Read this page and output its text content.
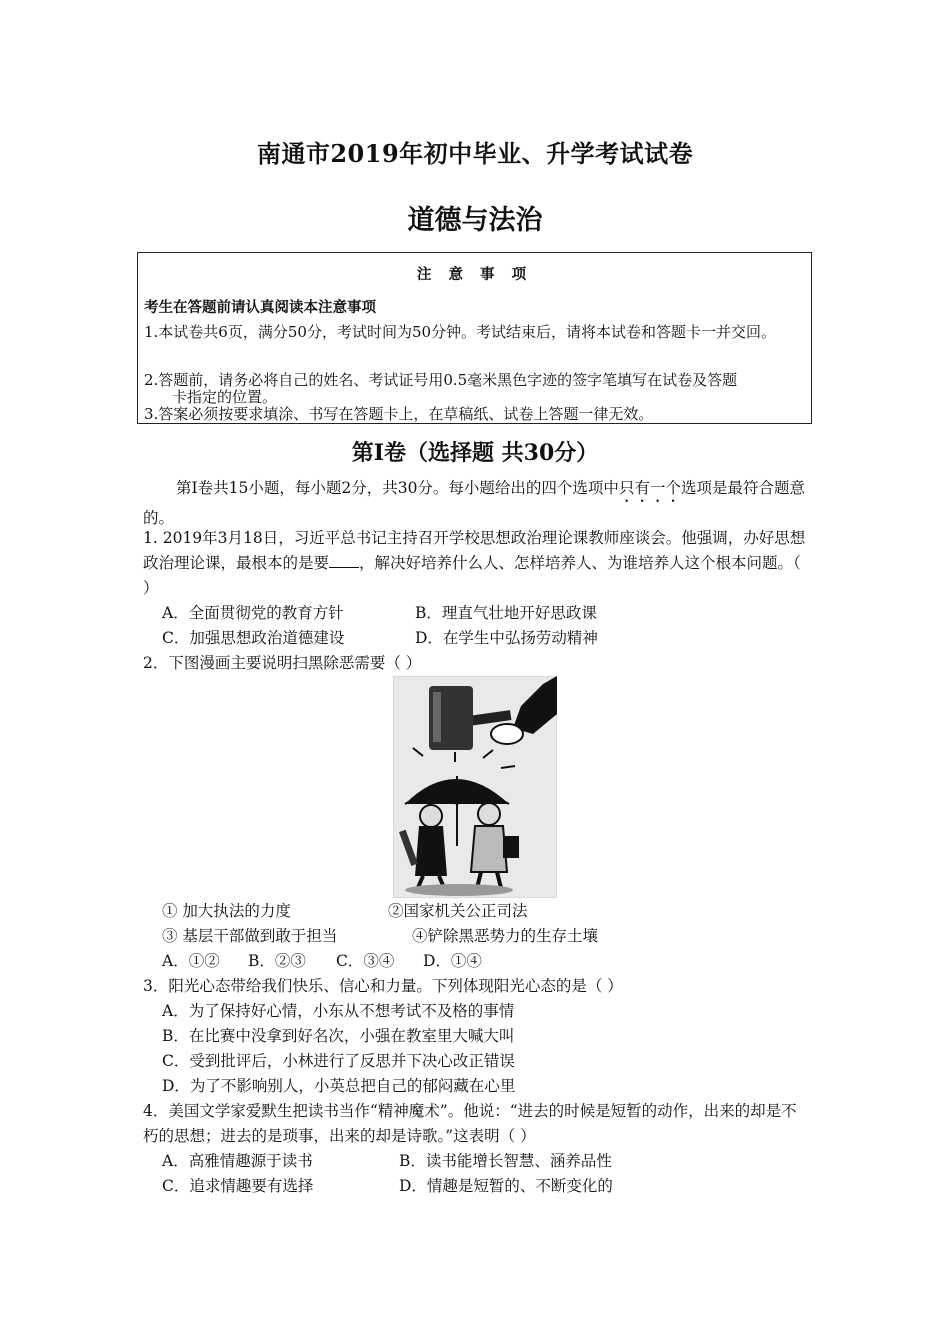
南通市2019年初中毕业、升学考试试卷
道德与法治
注 意 事 项
考生在答题前请认真阅读本注意事项
1.本试卷共6页，满分50分，考试时间为50分钟。考试结束后，请将本试卷和答题卡一并交回。
2.答题前，请务必将自己的姓名、考试证号用0.5毫米黑色字迹的签字笔填写在试卷及答题
卡指定的位置。
3.答案必须按要求填涂、书写在答题卡上，在草稿纸、试卷上答题一律无效。
第Ⅰ卷（选择题 共30分）
第Ⅰ卷共15小题，每小题2分，共30分。每小题给出的四个选项中只有一个选项是最符合题意的。
1. 2019年3月18日，习近平总书记主持召开学校思想政治理论课教师座谈会。他强调，办好思想政治理论课，最根本的是要 ，解决好培养什么人、怎样培养人、为谁培养人这个根本问题。（ ）
A．全面贯彻党的教育方针	B．理直气壮地开好思政课
C．加强思想政治道德建设	D．在学生中弘扬劳动精神
2．下图漫画主要说明扫黑除恶需要（ ）
① 加大执法的力度	②国家机关公正司法
③ 基层干部做到敢于担当	④铲除黑恶势力的生存土壤
A．①② B．②③ C．③④ D．①④
3．阳光心态带给我们快乐、信心和力量。下列体现阳光心态的是（ ）
A．为了保持好心情，小东从不想考试不及格的事情
B．在比赛中没拿到好名次，小强在教室里大喊大叫
C．受到批评后，小林进行了反思并下决心改正错误
D．为了不影响别人，小英总把自己的郁闷藏在心里
4．美国文学家爱默生把读书当作“精神魔术”。他说：“进去的时候是短暂的动作，出来的却是不朽的思想；进去的是琐事，出来的却是诗歌。”这表明（ ）
A．高雅情趣源于读书	B．读书能增长智慧、涵养品性
C．追求情趣要有选择	D．情趣是短暂的、不断变化的
